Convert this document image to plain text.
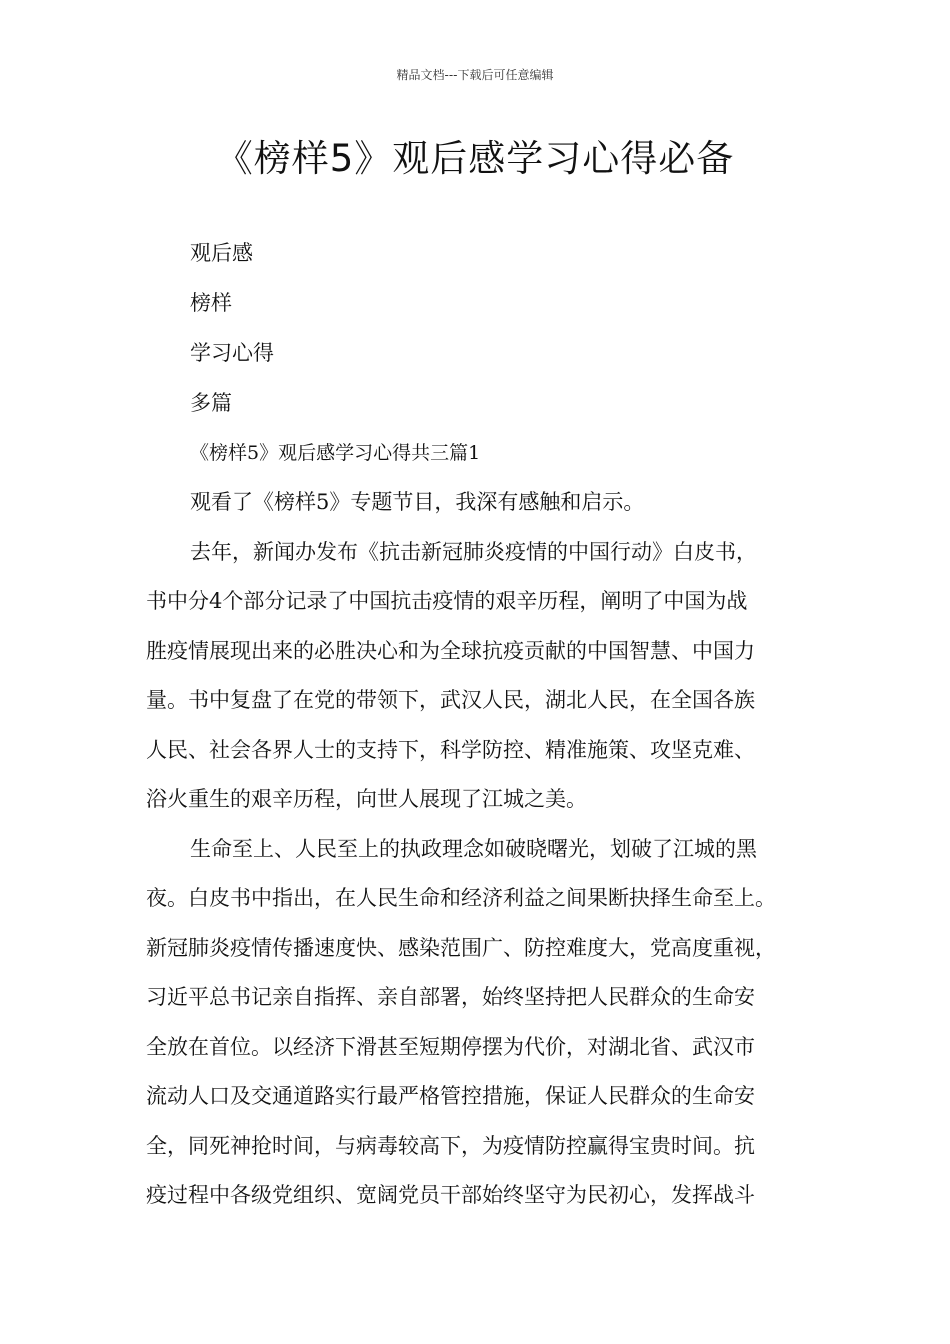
精品文档---下载后可任意编辑
《榜样5》观后感学习心得必备

观后感

榜样

学习心得

多篇

《榜样5》观后感学习心得共三篇1

观看了《榜样5》专题节目，我深有感触和启示。

去年，新闻办发布《抗击新冠肺炎疫情的中国行动》白皮书，
书中分4个部分记录了中国抗击疫情的艰辛历程，阐明了中国为战
胜疫情展现出来的必胜决心和为全球抗疫贡献的中国智慧、中国力
量。书中复盘了在党的带领下，武汉人民，湖北人民，在全国各族
人民、社会各界人士的支持下，科学防控、精准施策、攻坚克难、
浴火重生的艰辛历程，向世人展现了江城之美。

生命至上、人民至上的执政理念如破晓曙光，划破了江城的黑
夜。白皮书中指出，在人民生命和经济利益之间果断抉择生命至上。
新冠肺炎疫情传播速度快、感染范围广、防控难度大，党高度重视，
习近平总书记亲自指挥、亲自部署，始终坚持把人民群众的生命安
全放在首位。以经济下滑甚至短期停摆为代价，对湖北省、武汉市
流动人口及交通道路实行最严格管控措施，保证人民群众的生命安
全，同死神抢时间，与病毒较高下，为疫情防控赢得宝贵时间。抗
疫过程中各级党组织、宽阔党员干部始终坚守为民初心，发挥战斗
